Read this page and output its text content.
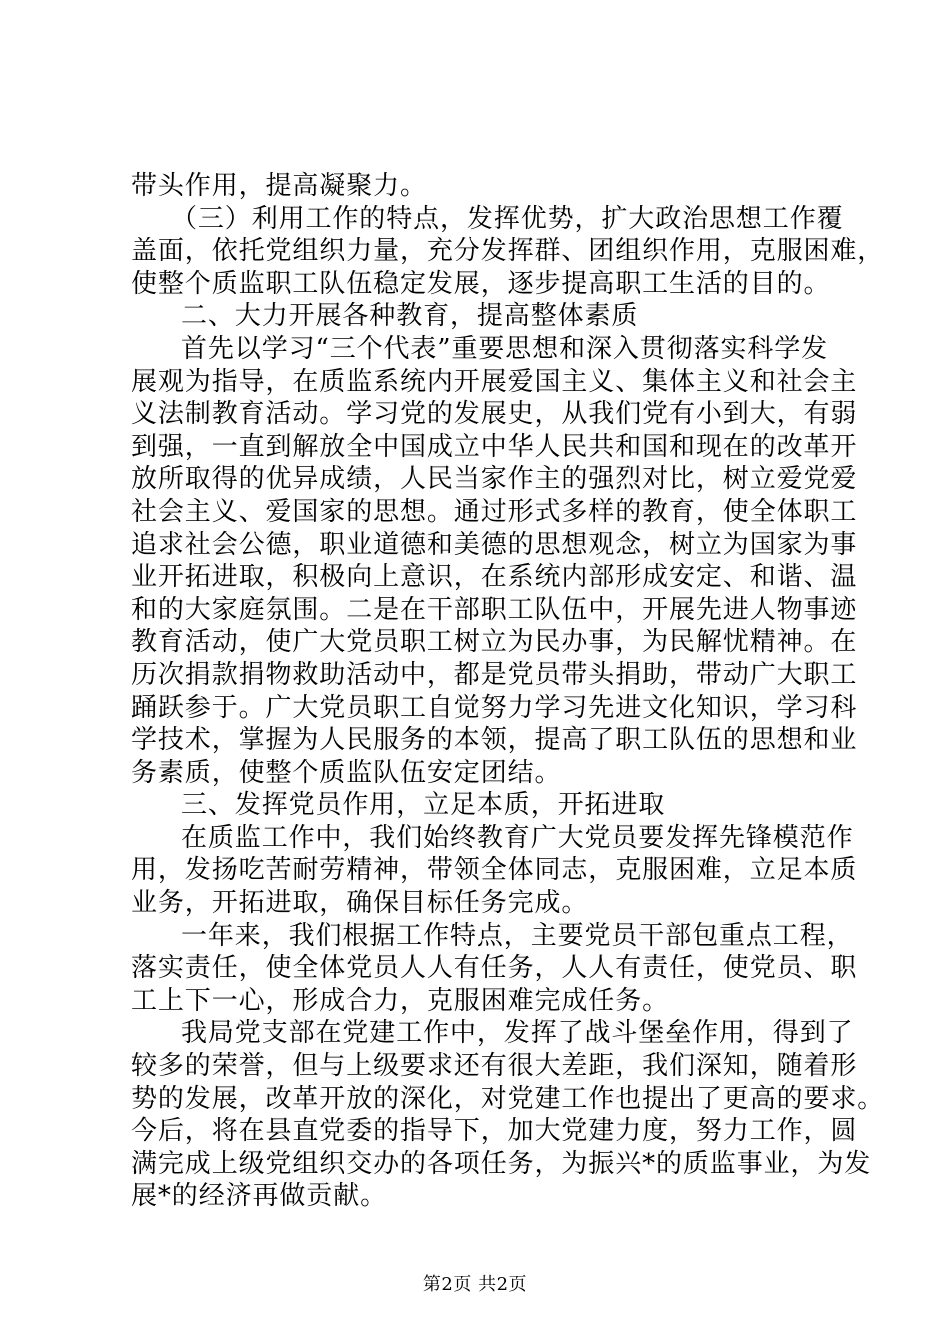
带头作用，提高凝聚力。
（三）利用工作的特点，发挥优势，扩大政治思想工作覆
盖面，依托党组织力量，充分发挥群、团组织作用，克服困难，
使整个质监职工队伍稳定发展，逐步提高职工生活的目的。
二、大力开展各种教育，提高整体素质
首先以学习“三个代表”重要思想和深入贯彻落实科学发
展观为指导，在质监系统内开展爱国主义、集体主义和社会主
义法制教育活动。学习党的发展史，从我们党有小到大，有弱
到强，一直到解放全中国成立中华人民共和国和现在的改革开
放所取得的优异成绩，人民当家作主的强烈对比，树立爱党爱
社会主义、爱国家的思想。通过形式多样的教育，使全体职工
追求社会公德，职业道德和美德的思想观念，树立为国家为事
业开拓进取，积极向上意识，在系统内部形成安定、和谐、温
和的大家庭氛围。二是在干部职工队伍中，开展先进人物事迹
教育活动，使广大党员职工树立为民办事，为民解忧精神。在
历次捐款捐物救助活动中，都是党员带头捐助，带动广大职工
踊跃参于。广大党员职工自觉努力学习先进文化知识，学习科
学技术，掌握为人民服务的本领，提高了职工队伍的思想和业
务素质，使整个质监队伍安定团结。
三、发挥党员作用，立足本质，开拓进取
在质监工作中，我们始终教育广大党员要发挥先锋模范作
用，发扬吃苦耐劳精神，带领全体同志，克服困难，立足本质
业务，开拓进取，确保目标任务完成。
一年来，我们根据工作特点，主要党员干部包重点工程，
落实责任，使全体党员人人有任务，人人有责任，使党员、职
工上下一心，形成合力，克服困难完成任务。
我局党支部在党建工作中，发挥了战斗堡垒作用，得到了
较多的荣誉，但与上级要求还有很大差距，我们深知，随着形
势的发展，改革开放的深化，对党建工作也提出了更高的要求。
今后，将在县直党委的指导下，加大党建力度，努力工作，圆
满完成上级党组织交办的各项任务，为振兴*的质监事业，为发
展*的经济再做贡献。
第2页 共2页
